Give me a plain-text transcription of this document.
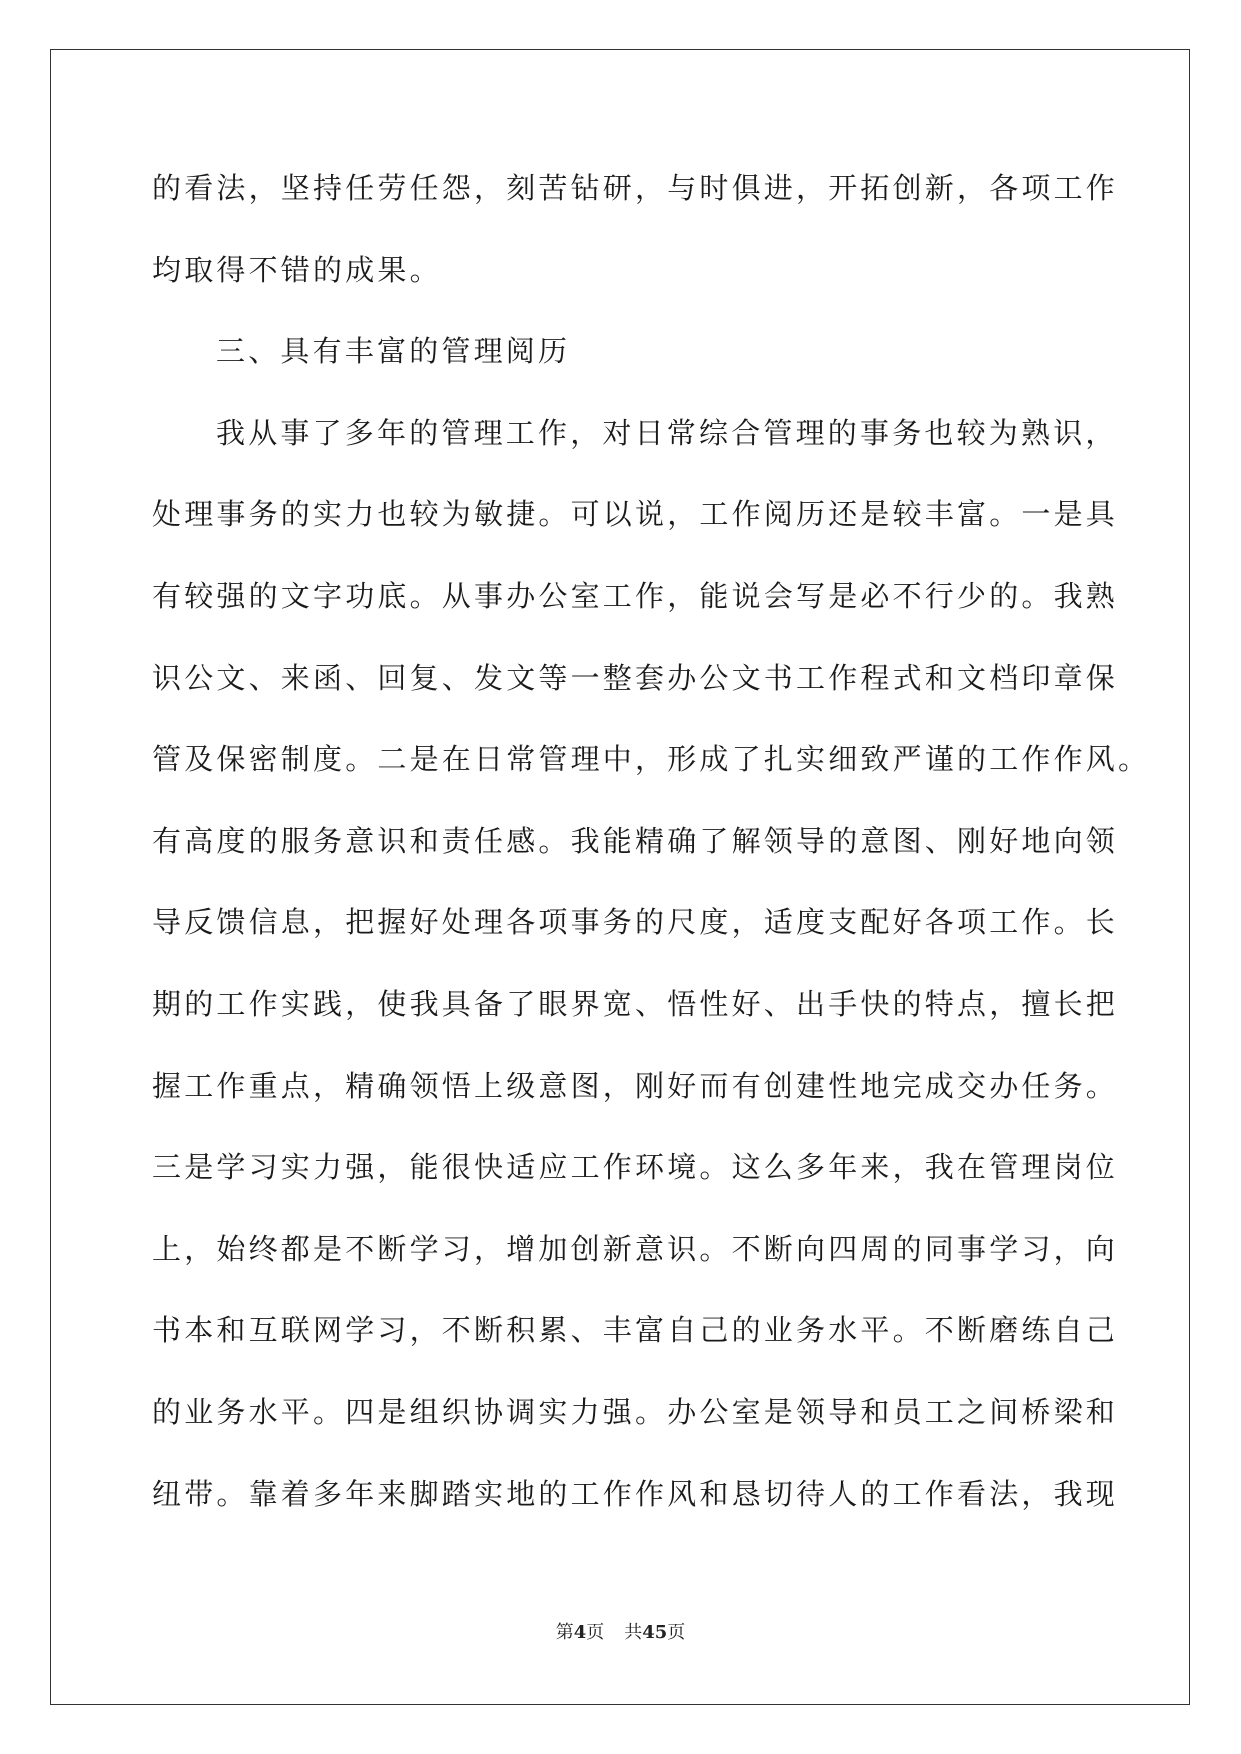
的看法，坚持任劳任怨，刻苦钻研，与时俱进，开拓创新，各项工作
均取得不错的成果。
三、具有丰富的管理阅历
我从事了多年的管理工作，对日常综合管理的事务也较为熟识，
处理事务的实力也较为敏捷。可以说，工作阅历还是较丰富。一是具
有较强的文字功底。从事办公室工作，能说会写是必不行少的。我熟
识公文、来函、回复、发文等一整套办公文书工作程式和文档印章保
管及保密制度。二是在日常管理中，形成了扎实细致严谨的工作作风。
有高度的服务意识和责任感。我能精确了解领导的意图、刚好地向领
导反馈信息，把握好处理各项事务的尺度，适度支配好各项工作。长
期的工作实践，使我具备了眼界宽、悟性好、出手快的特点，擅长把
握工作重点，精确领悟上级意图，刚好而有创建性地完成交办任务。
三是学习实力强，能很快适应工作环境。这么多年来，我在管理岗位
上，始终都是不断学习，增加创新意识。不断向四周的同事学习，向
书本和互联网学习，不断积累、丰富自己的业务水平。不断磨练自己
的业务水平。四是组织协调实力强。办公室是领导和员工之间桥梁和
纽带。靠着多年来脚踏实地的工作作风和恳切待人的工作看法，我现
第4页 共45页
